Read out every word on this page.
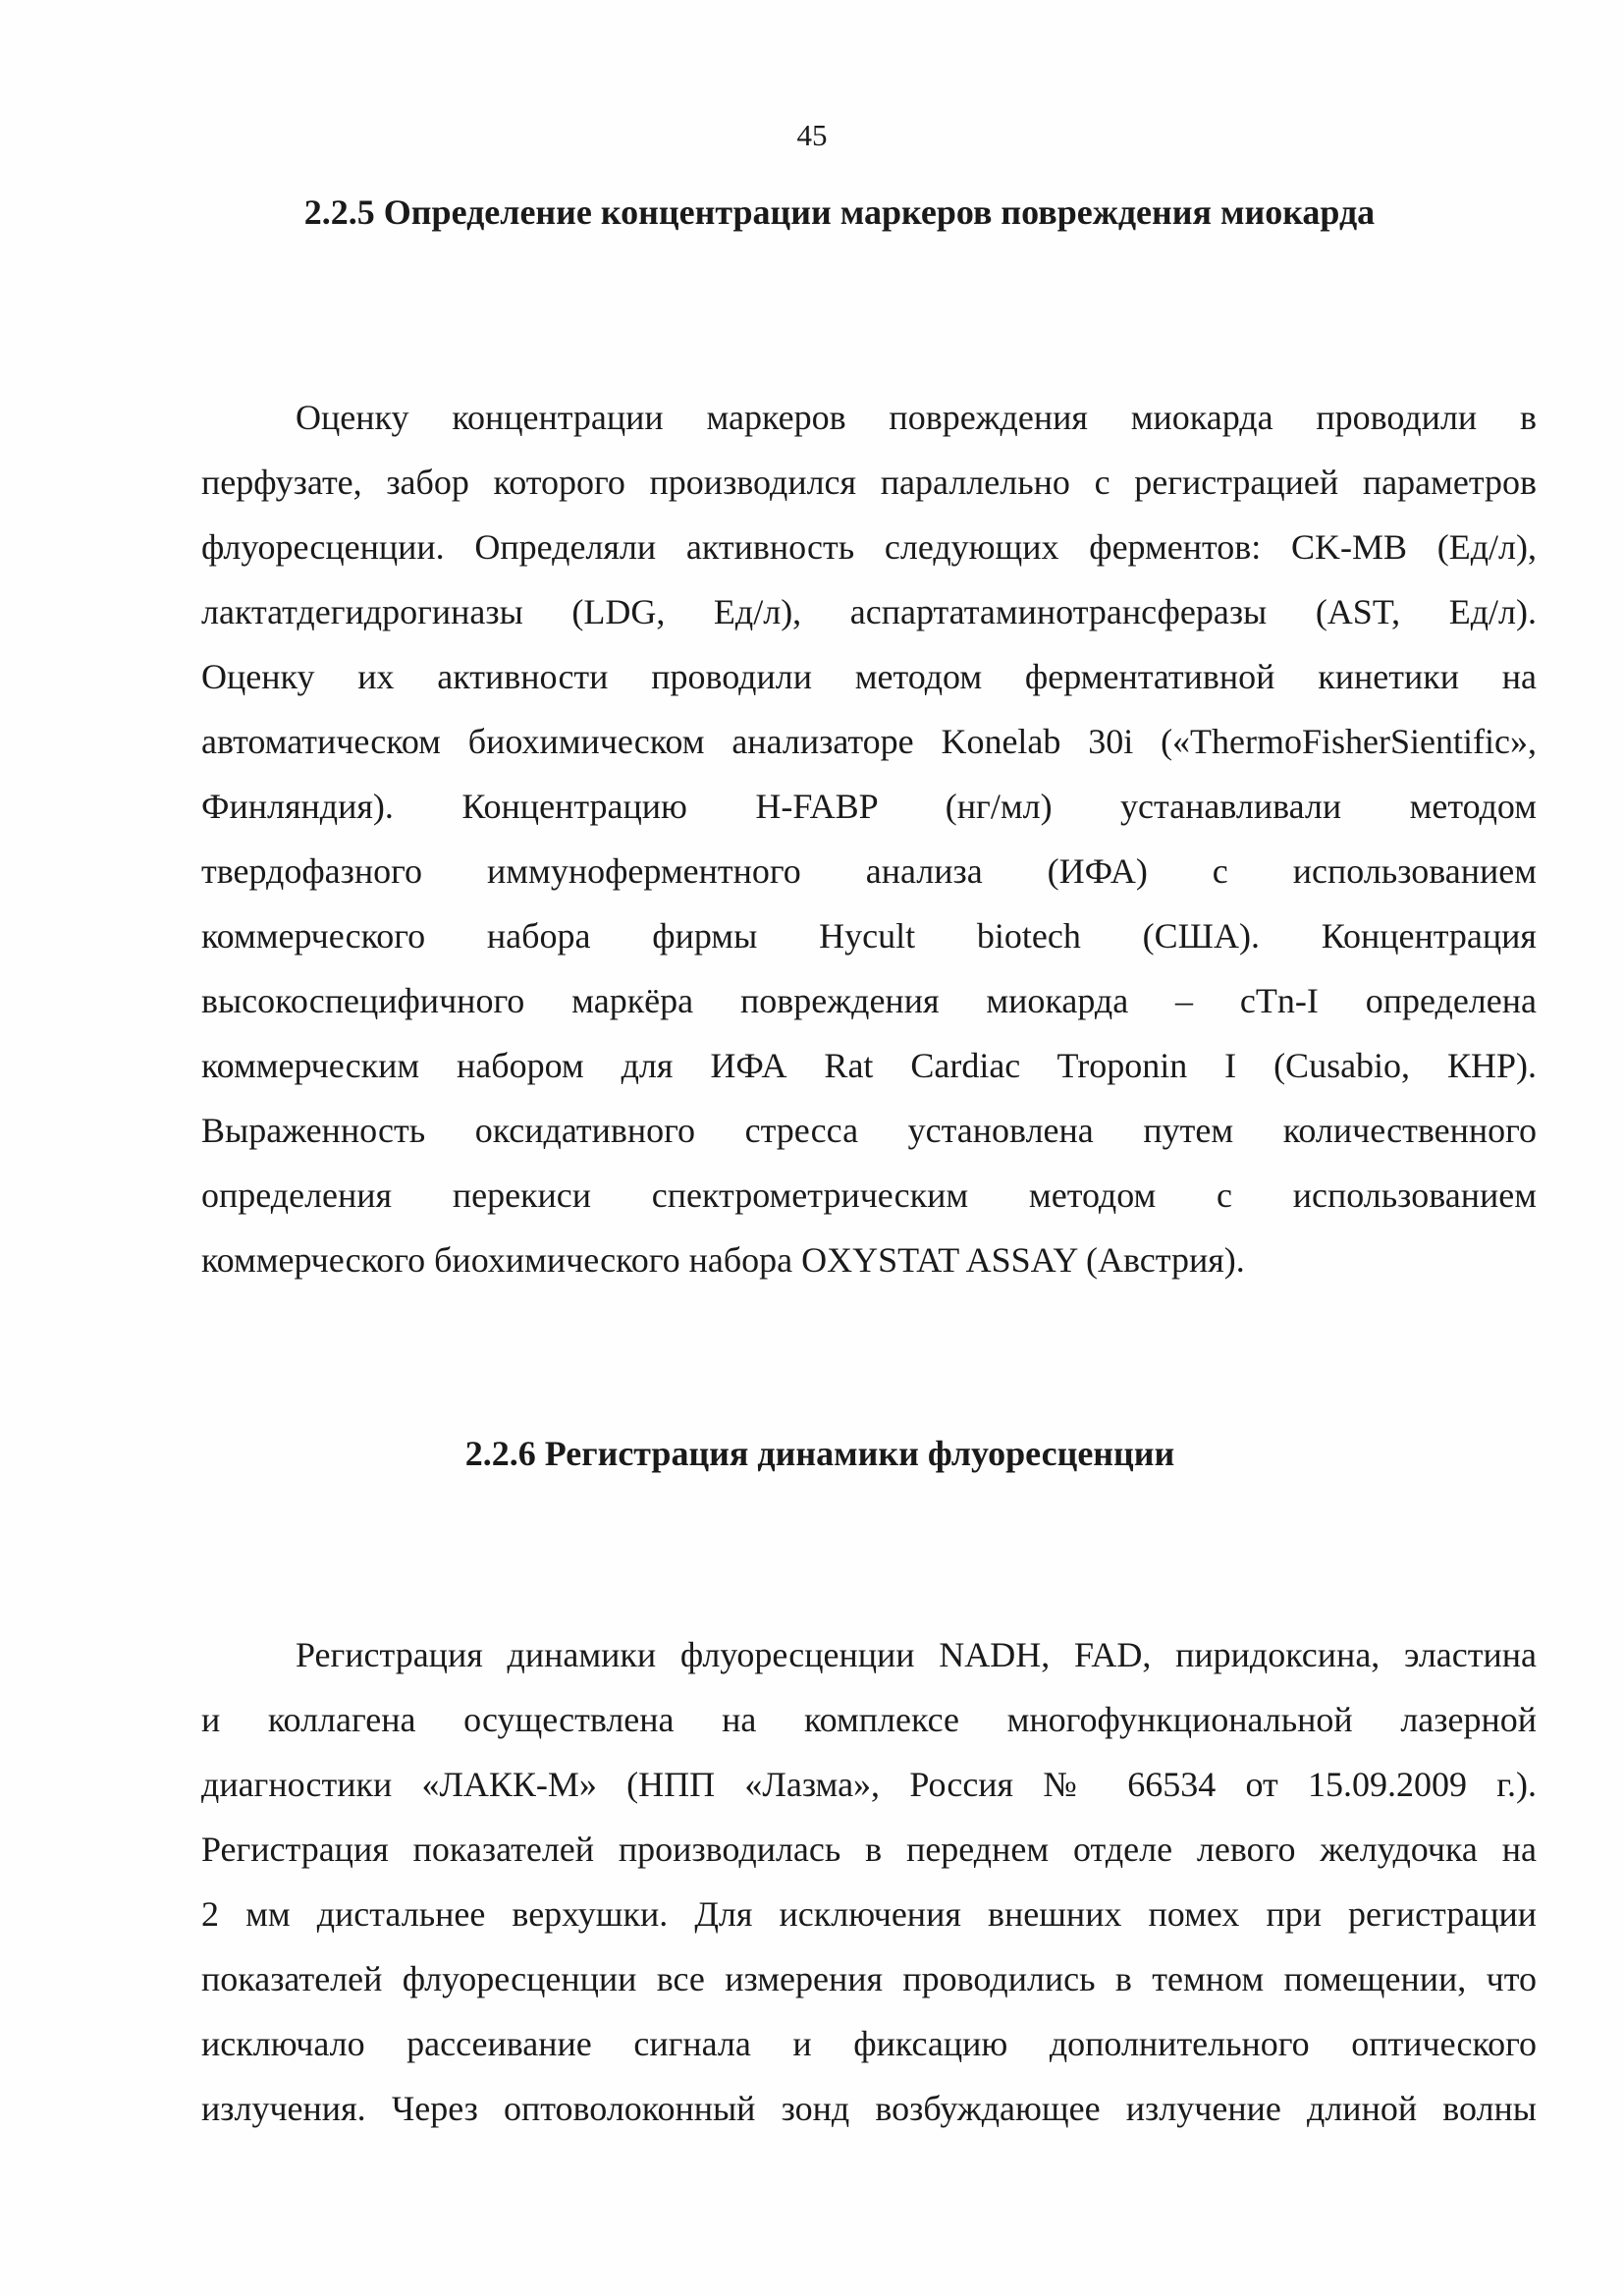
45
2.2.5 Определение концентрации маркеров повреждения миокарда
Оценку концентрации маркеров повреждения миокарда проводили в
перфузате, забор которого производился параллельно с регистрацией параметров
флуоресценции. Определяли активность следующих ферментов: CK-MB (Ед/л),
лактатдегидрогиназы (LDG, Ед/л), аспартатаминотрансферазы (AST, Ед/л).
Оценку их активности проводили методом ферментативной кинетики на
автоматическом биохимическом анализаторе Konelab 30i («ThermoFisherSientific»,
Финляндия). Концентрацию H-FABP (нг/мл) устанавливали методом
твердофазного иммуноферментного анализа (ИФА) с использованием
коммерческого набора фирмы Hycult biotech (США). Концентрация
высокоспецифичного маркёра повреждения миокарда – cTn-I определена
коммерческим набором для ИФА Rat Cardiac Troponin I (Cusabio, КНР).
Выраженность оксидативного стресса установлена путем количественного
определения перекиси спектрометрическим методом с использованием
коммерческого биохимического набора OXYSTAT ASSAY (Австрия).
2.2.6 Регистрация динамики флуоресценции
Регистрация динамики флуоресценции NADH, FAD, пиридоксина, эластина
и коллагена осуществлена на комплексе многофункциональной лазерной
диагностики «ЛАКК-М» (НПП «Лазма», Россия № 66534 от 15.09.2009 г.).
Регистрация показателей производилась в переднем отделе левого желудочка на
2 мм дистальнее верхушки. Для исключения внешних помех при регистрации
показателей флуоресценции все измерения проводились в темном помещении, что
исключало рассеивание сигнала и фиксацию дополнительного оптического
излучения. Через оптоволоконный зонд возбуждающее излучение длиной волны
